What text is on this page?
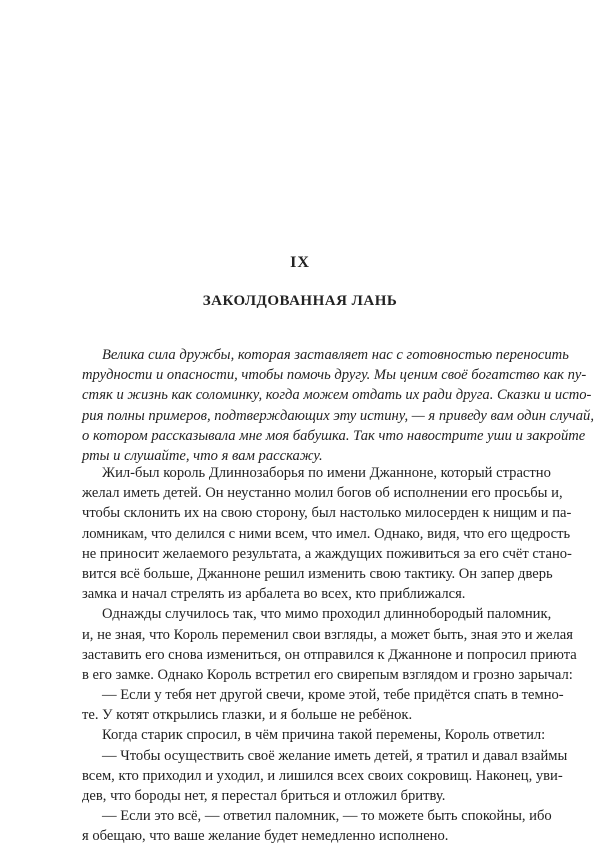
IX
ЗАКОЛДОВАННАЯ ЛАНЬ
Велика сила дружбы, которая заставляет нас с готовностью переносить
трудности и опасности, чтобы помочь другу. Мы ценим своё богатство как пу-
стяк и жизнь как соломинку, когда можем отдать их ради друга. Сказки и исто-
рия полны примеров, подтверждающих эту истину, — я приведу вам один случай,
о котором рассказывала мне моя бабушка. Так что навострите уши и закройте
рты и слушайте, что я вам расскажу.
Жил-был король Длиннозаборья по имени Джанноне, который страстно
желал иметь детей. Он неустанно молил богов об исполнении его просьбы и,
чтобы склонить их на свою сторону, был настолько милосерден к нищим и па-
ломникам, что делился с ними всем, что имел. Однако, видя, что его щедрость
не приносит желаемого результата, а жаждущих поживиться за его счёт стано-
вится всё больше, Джанноне решил изменить свою тактику. Он запер дверь
замка и начал стрелять из арбалета во всех, кто приближался.
Однажды случилось так, что мимо проходил длиннобородый паломник,
и, не зная, что Король переменил свои взгляды, а может быть, зная это и желая
заставить его снова измениться, он отправился к Джанноне и попросил приюта
в его замке. Однако Король встретил его свирепым взглядом и грозно зарычал:
— Если у тебя нет другой свечи, кроме этой, тебе придётся спать в темно-
те. У котят открылись глазки, и я больше не ребёнок.
Когда старик спросил, в чём причина такой перемены, Король ответил:
— Чтобы осуществить своё желание иметь детей, я тратил и давал взаймы
всем, кто приходил и уходил, и лишился всех своих сокровищ. Наконец, уви-
дев, что бороды нет, я перестал бриться и отложил бритву.
— Если это всё, — ответил паломник, — то можете быть спокойны, ибо
я обещаю, что ваше желание будет немедленно исполнено.
